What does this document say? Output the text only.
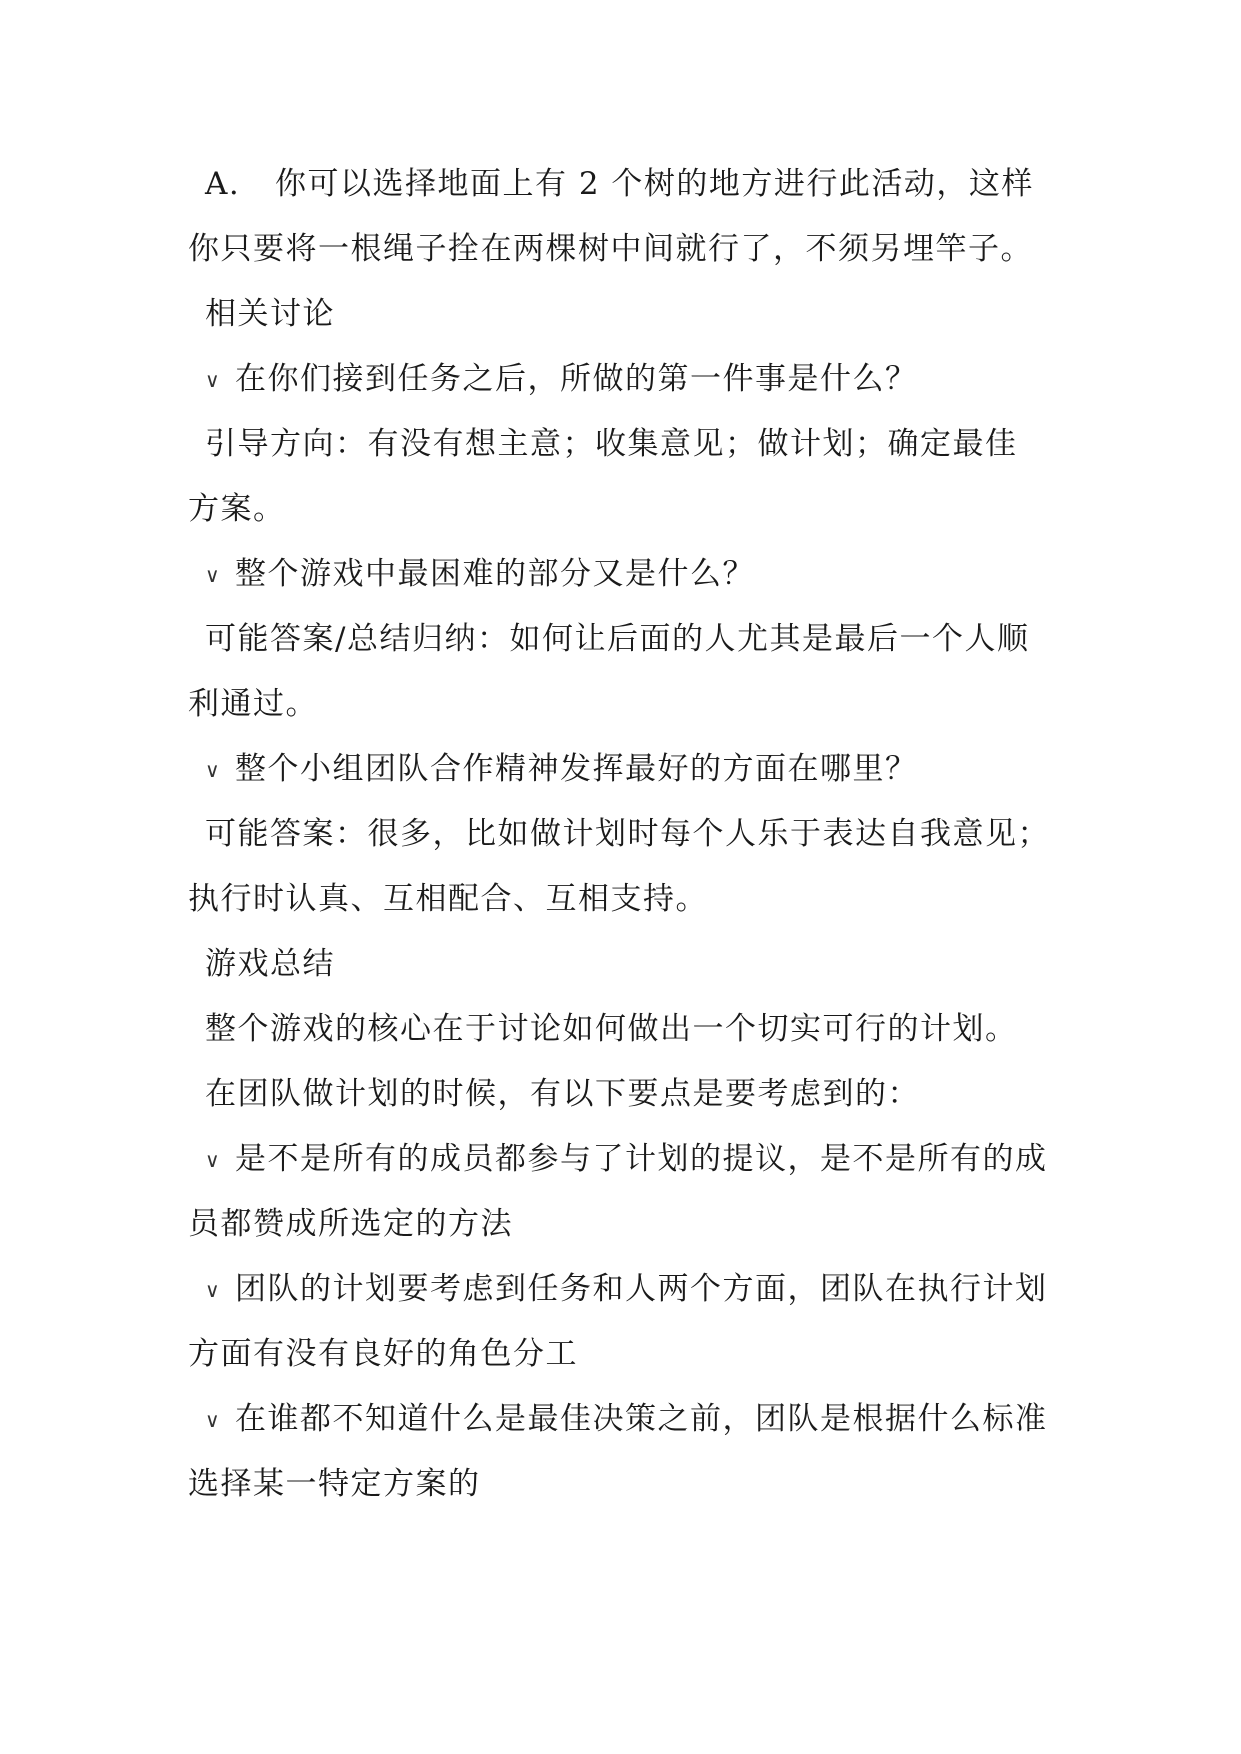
A. 你可以选择地面上有 2 个树的地方进行此活动，这样
你只要将一根绳子拴在两棵树中间就行了，不须另埋竿子。
相关讨论
∨ 在你们接到任务之后，所做的第一件事是什么？
引导方向：有没有想主意；收集意见；做计划；确定最佳
方案。
∨ 整个游戏中最困难的部分又是什么？
可能答案/总结归纳：如何让后面的人尤其是最后一个人顺
利通过。
∨ 整个小组团队合作精神发挥最好的方面在哪里？
可能答案：很多，比如做计划时每个人乐于表达自我意见；
执行时认真、互相配合、互相支持。
游戏总结
整个游戏的核心在于讨论如何做出一个切实可行的计划。
在团队做计划的时候，有以下要点是要考虑到的：
∨ 是不是所有的成员都参与了计划的提议，是不是所有的成
员都赞成所选定的方法
∨ 团队的计划要考虑到任务和人两个方面，团队在执行计划
方面有没有良好的角色分工
∨ 在谁都不知道什么是最佳决策之前，团队是根据什么标准
选择某一特定方案的
